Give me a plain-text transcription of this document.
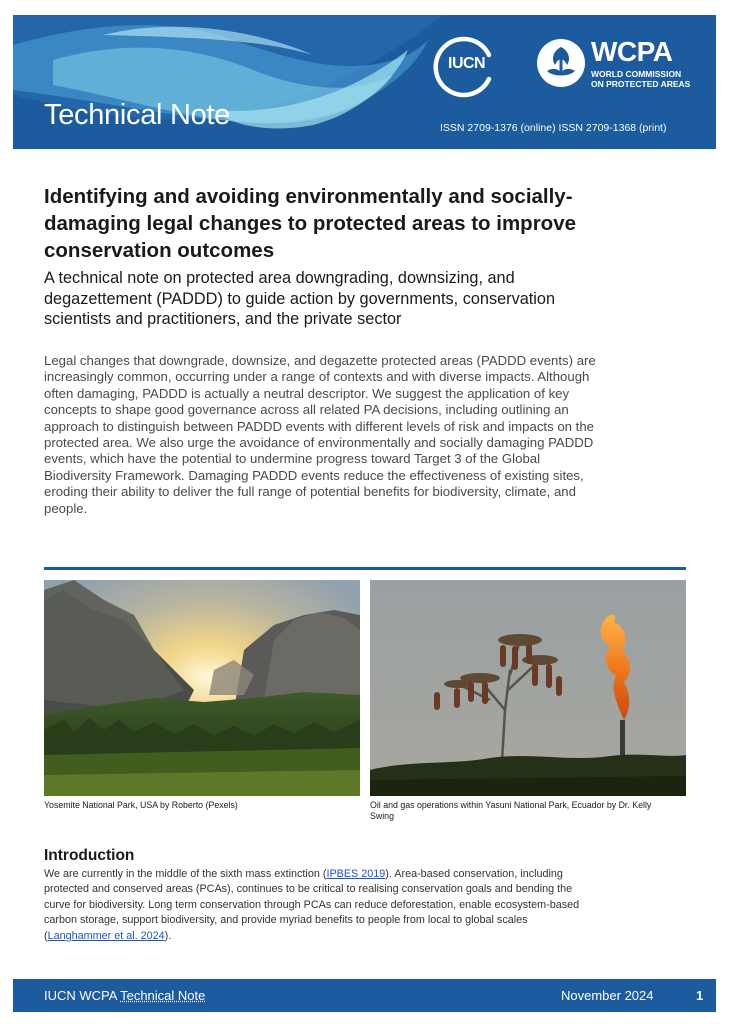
Technical Note
IUCN	WCPA
WORLD COMMISSION
ON PROTECTED AREAS
ISSN 2709-1376 (online) ISSN 2709-1368 (print)
Identifying and avoiding environmentally and socially-damaging legal changes to protected areas to improve conservation outcomes
A technical note on protected area downgrading, downsizing, and degazettement (PADDD) to guide action by governments, conservation scientists and practitioners, and the private sector

Legal changes that downgrade, downsize, and degazette protected areas (PADDD events) are increasingly common, occurring under a range of contexts and with diverse impacts. Although often damaging, PADDD is actually a neutral descriptor. We suggest the application of key concepts to shape good governance across all related PA decisions, including outlining an approach to distinguish between PADDD events with different levels of risk and impacts on the protected area. We also urge the avoidance of environmentally and socially damaging PADDD events, which have the potential to undermine progress toward Target 3 of the Global Biodiversity Framework. Damaging PADDD events reduce the effectiveness of existing sites, eroding their ability to deliver the full range of potential benefits for biodiversity, climate, and people.

Yosemite National Park, USA by Roberto (Pexels)	Oil and gas operations within Yasuni National Park, Ecuador by Dr. Kelly Swing
Introduction

We are currently in the middle of the sixth mass extinction (IPBES 2019). Area-based conservation, including protected and conserved areas (PCAs), continues to be critical to realising conservation goals and bending the curve for biodiversity. Long term conservation through PCAs can reduce deforestation, enable ecosystem-based carbon storage, support biodiversity, and provide myriad benefits to people from local to global scales (Langhammer et al. 2024).

IUCN WCPA Technical Note	November 2024	1
